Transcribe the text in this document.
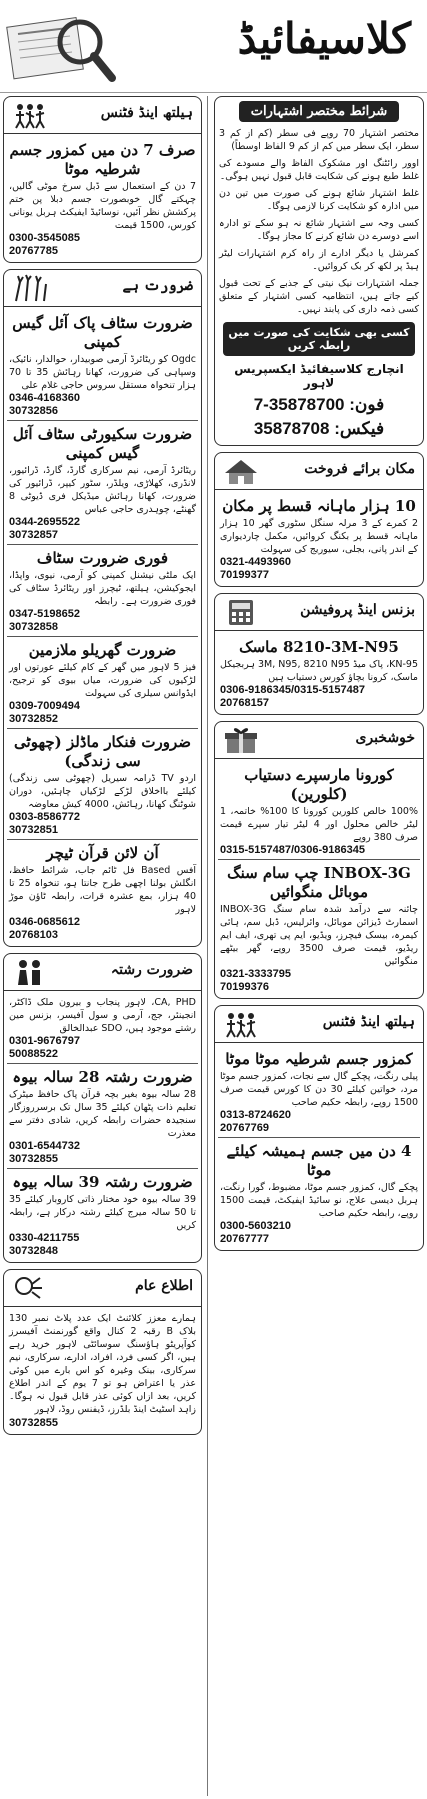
کلاسیفائیڈ
ہیلتھ اینڈ فٹنس
صرف 7 دن میں کمزور جسم شرطیہ موٹا
7 دن کے استعمال سے ڈبل سرخ موٹی گالیں، چہکتے گال خوبصورت جسم دبلا پن ختم پرکشش نظر آئیں، نوسائیڈ ایفیکٹ ہربل یونانی کورس، 1500 قیمت
0300-3545085
20767785
ضرورت ہے
ضرورت سٹاف پاک آئل گیس کمپنی
Ogdc کو ریٹائرڈ آرمی صوبیدار، حوالدار، نائیک، وسپاہی کی ضرورت، کھانا رہائش 35 تا 70 ہزار تنخواہ مستقل سروس حاجی غلام علی
0346-4168360
30732856
ضرورت سکیورٹی سٹاف آئل گیس کمپنی
ریٹائرڈ آرمی، نیم سرکاری گارڈ، گارڈ، ڈرائیور، لانڈری، کھلاڑی، ویلڈر، سٹور کیپر، ڈرائیور کی ضرورت، کھانا رہائش میڈیکل فری ڈیوٹی 8 گھنٹے، چوہدری حاجی عباس
0344-2695522
30732857
فوری ضرورت سٹاف
ایک ملٹی نیشنل کمپنی کو آرمی، نیوی، واپڈا، ایجوکیشن، ہیلتھ، ٹیچرز اور ریٹائرڈ سٹاف کی فوری ضرورت ہے۔ رابطہ
0347-5198652
30732858
ضرورت گھریلو ملازمین
فیز 5 لاہور میں گھر کے کام کیلئے عورتوں اور لڑکیوں کی ضرورت، میاں بیوی کو ترجیح، ایڈوانس سیلری کی سہولت
0309-7009494
30732852
ضرورت فنکار ماڈلز (چھوٹی سی زندگی)
اردو TV ڈرامہ سیریل (چھوٹی سی زندگی) کیلئے بااخلاق لڑکے لڑکیاں چاہئیں، دوران شوٹنگ کھانا، رہائش، 4000 کیش معاوضہ
0303-8586772
30732851
آن لائن قرآن ٹیچر
آفس Based فل ٹائم جاب، شرائط حافظ، انگلش بولنا اچھی طرح جانتا ہو، تنخواہ 25 تا 40 ہزار، بمع عشرہ قرات، رابطہ ٹاؤن موڑ لاہور
0346-0685612
20768103
ضرورت رشتہ
CA, PHD، لاہور پنجاب و بیرون ملک ڈاکٹر، انجینئر، جج، آرمی و سول آفیسر، بزنس مین رشتے موجود ہیں، SDO عبدالخالق
0301-9676797
50088522
ضرورت رشتہ 28 سالہ بیوہ
28 سالہ بیوہ بغیر بچہ قرآن پاک حافظ میٹرک تعلیم ذات پٹھان کیلئے 35 سال تک برسرروزگار سنجیدہ حضرات رابطہ کریں، شادی دفتر سے معذرت
0301-6544732
30732855
ضرورت رشتہ 39 سالہ بیوہ
39 سالہ بیوہ خود مختار ذاتی کاروبار کیلئے 35 تا 50 سالہ میرج کیلئے رشتہ درکار ہے، رابطہ کریں
0330-4211755
30732848
اطلاع عام
ہمارے معزز کلائنٹ ایک عدد پلاٹ نمبر 130 بلاک B رقبہ 2 کنال واقع گورنمنٹ آفیسرز کوآپریٹو ہاؤسنگ سوسائٹی لاہور خرید رہے ہیں، اگر کسی فرد، افراد، ادارے، سرکاری، نیم سرکاری، بینک وغیرہ کو اس بارے میں کوئی عذر یا اعتراض ہو تو 7 یوم کے اندر اطلاع کریں، بعد ازاں کوئی عذر قابل قبول نہ ہوگا۔ زاہد اسٹیٹ اینڈ بلڈرز، ڈیفنس روڈ، لاہور
30732855
شرائط مختصر اشتہارات
مختصر اشتہار 70 روپے فی سطر (کم از کم 3 سطر، ایک سطر میں کم از کم 9 الفاظ اوسطاً)
اوور رائٹنگ اور مشکوک الفاظ والے مسودے کی غلط طبع ہونے کی شکایت قابل قبول نہیں ہوگی۔
غلط اشتہار شائع ہونے کی صورت میں تین دن میں ادارہ کو شکایت کرنا لازمی ہوگا۔
کسی وجہ سے اشتہار شائع نہ ہو سکے تو ادارہ اسے دوسرے دن شائع کرنے کا مجاز ہوگا۔
کمرشل یا دیگر ادارے از راہ کرم اشتہارات لیٹر ہیڈ پر لکھ کر بک کروائیں۔
جملہ اشتہارات نیک نیتی کے جذبے کے تحت قبول کیے جاتے ہیں، انتظامیہ کسی اشتہار کے متعلق کسی ذمہ داری کی پابند نہیں۔
کسی بھی شکایت کی صورت میں رابطہ کریں
انچارج کلاسیفائیڈ ایکسپریس لاہور
فون: 35878700-7
فیکس: 35878708
مکان برائے فروخت
10 ہزار ماہانہ قسط پر مکان
2 کمرے کے 3 مرلہ سنگل سٹوری گھر 10 ہزار ماہانہ قسط پر بکنگ کروائیں، مکمل چاردیواری کے اندر پانی، بجلی، سیوریج کی سہولت
0321-4493960
70199377
بزنس اینڈ پروفیشن
8210-3M-N95 ماسک
KN-95، پاک میڈ 3M, N95, 8210 N95 ہربجیکل ماسک، کرونا بچاؤ کورس دستیاب ہیں
0306-9186345/0315-5157487
20768157
خوشخبری
کورونا مارسپرے دستیاب (کلورین)
100% خالص کلورین کورونا کا 100% خاتمہ، 1 لیٹر خالص محلول اور 4 لیٹر تیار سپرے قیمت صرف 380 روپے
0315-5157487/0306-9186345
INBOX-3G چپ سام سنگ موبائل منگوائیں
چائنہ سے درآمد شدہ سام سنگ INBOX-3G اسمارٹ ڈیزائن موبائل، وائرلیس، ڈبل سم، ہائی کیمرہ، بیسک فیچرز، ویڈیو، ایم پی تھری، ایف ایم ریڈیو، قیمت صرف 3500 روپے، گھر بیٹھے منگوائیں
0321-3333795
70199376
ہیلتھ اینڈ فٹنس
کمزور جسم شرطیہ موٹا موٹا
پیلی رنگت، پچکے گال سے نجات، کمزور جسم موٹا مرد، خواتین کیلئے 30 دن کا کورس قیمت صرف 1500 روپے، رابطہ حکیم صاحب
0313-8724620
20767769
4 دن میں جسم ہمیشہ کیلئے موٹا
پچکے گال، کمزور جسم موٹا، مضبوط، گورا رنگت، ہربل دیسی علاج، نو سائیڈ ایفیکٹ، قیمت 1500 روپے، رابطہ حکیم صاحب
0300-5603210
20767777
